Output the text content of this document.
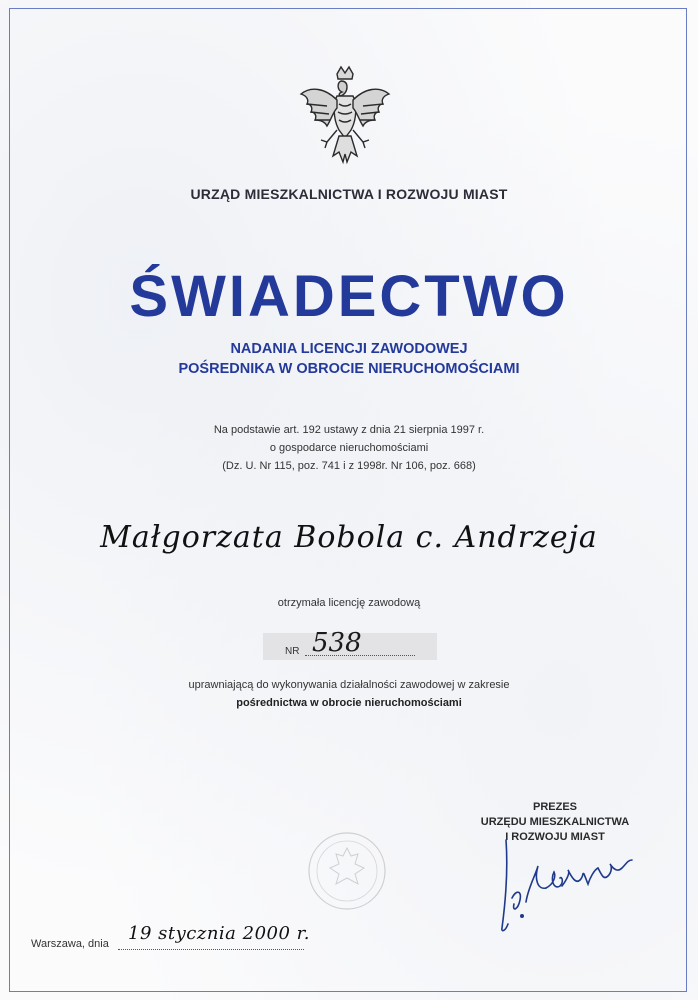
URZĄD MIESZKALNICTWA I ROZWOJU MIAST
ŚWIADECTWO
NADANIA LICENCJI ZAWODOWEJ
POŚREDNIKA W OBROCIE NIERUCHOMOŚCIAMI
Na podstawie art. 192 ustawy z dnia 21 sierpnia 1997 r.
o gospodarce nieruchomościami
(Dz. U. Nr 115, poz. 741 i z 1998r. Nr 106, poz. 668)
Małgorzata Bobola c. Andrzeja
otrzymała licencję zawodową
NR 538
uprawniającą do wykonywania działalności zawodowej w zakresie
pośrednictwa w obrocie nieruchomościami
PREZES
URZĘDU MIESZKALNICTWA
I ROZWOJU MIAST
Warszawa, dnia 19 stycznia 2000 r.
